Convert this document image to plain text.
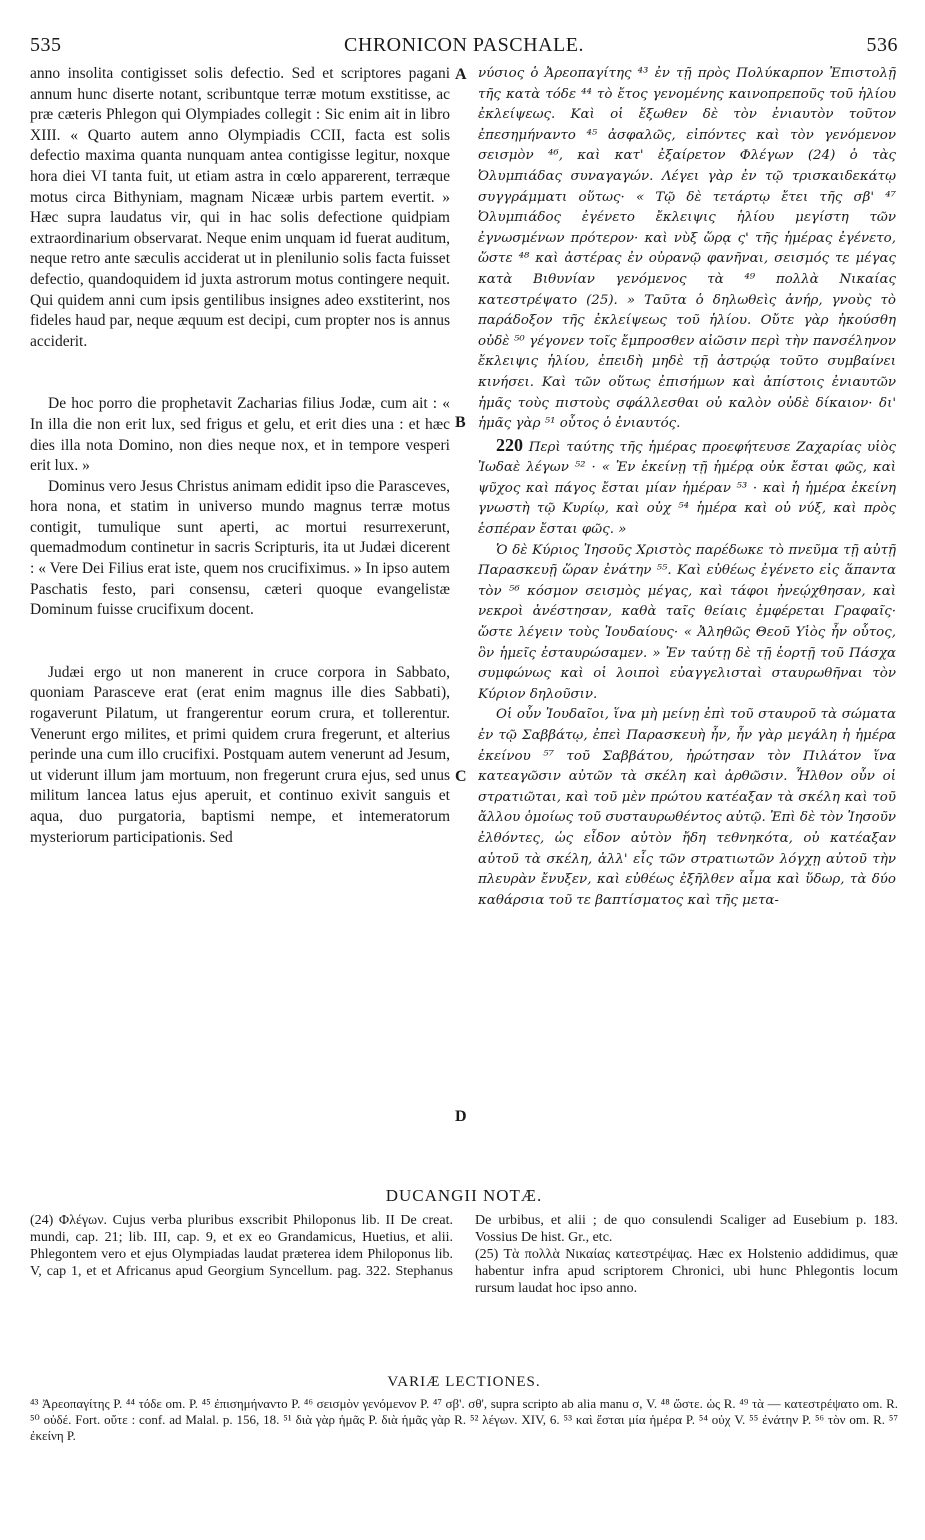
535	CHRONICON PASCHALE.	536

anno insolita contigisset solis defectio. Sed et scriptores pagani annum hunc diserte notant, scribuntque terræ motum exstitisse, ac præ cæteris Phlegon qui Olympiades collegit : Sic enim ait in libro XIII. « Quarto autem anno Olympiadis CCII, facta est solis defectio maxima quanta nunquam antea contigisse legitur, noxque hora diei VI tanta fuit, ut etiam astra in cœlo apparerent, terræque motus circa Bithyniam, magnam Nicææ urbis partem evertit. » Hæc supra laudatus vir, qui in hac solis defectione quidpiam extraordinarium observarat. Neque enim unquam id fuerat auditum, neque retro ante sæculis acciderat ut in plenilunio solis facta fuisset defectio, quandoquidem id juxta astrorum motus contingere nequit. Qui quidem anni cum ipsis gentilibus insignes adeo exstiterint, nos fideles haud par, neque æquum est decipi, cum propter nos is annus acciderit.

De hoc porro die prophetavit Zacharias filius Jodæ, cum ait : « In illa die non erit lux, sed frigus et gelu, et erit dies una : et hæc dies illa nota Domino, non dies neque nox, et in tempore vesperi erit lux. »

Dominus vero Jesus Christus animam edidit ipso die Parasceves, hora nona, et statim in universo mundo magnus terræ motus contigit, tumulique sunt aperti, ac mortui resurrexerunt, quemadmodum continetur in sacris Scripturis, ita ut Judæi dicerent : « Vere Dei Filius erat iste, quem nos crucifiximus. » In ipso autem Paschatis festo, pari consensu, cæteri quoque evangelistæ Dominum fuisse crucifixum docent.

Judæi ergo ut non manerent in cruce corpora in Sabbato, quoniam Parasceve erat (erat enim magnus ille dies Sabbati), rogaverunt Pilatum, ut frangerentur eorum crura, et tollerentur. Venerunt ergo milites, et primi quidem crura fregerunt, et alterius perinde una cum illo crucifixi. Postquam autem venerunt ad Jesum, ut viderunt illum jam mortuum, non fregerunt crura ejus, sed unus militum lancea latus ejus aperuit, et continuo exivit sanguis et aqua, duo purgatoria, baptismi nempe, et intemeratorum mysteriorum participationis. Sed

A
B
C
D

νύσιος ὁ Ἀρεοπαγίτης ⁴³ ἐν τῇ πρὸς Πολύκαρπον Ἐπιστολῇ τῆς κατὰ τόδε ⁴⁴ τὸ ἔτος γενομένης καινοπρεποῦς τοῦ ἡλίου ἐκλείψεως. Καὶ οἱ ἔξωθεν δὲ τὸν ἐνιαυτὸν τοῦτον ἐπεσημήναντο ⁴⁵ ἀσφαλῶς, εἰπόντες καὶ τὸν γενόμενον σεισμὸν ⁴⁶, καὶ κατ' ἐξαίρετον Φλέγων (24) ὁ τὰς Ὀλυμπιάδας συναγαγών. Λέγει γὰρ ἐν τῷ τρισκαιδεκάτῳ συγγράμματι οὕτως· « Τῷ δὲ τετάρτῳ ἔτει τῆς σβ' ⁴⁷ Ὀλυμπιάδος ἐγένετο ἔκλειψις ἡλίου μεγίστη τῶν ἐγνωσμένων πρότερον· καὶ νὺξ ὥρᾳ ς' τῆς ἡμέρας ἐγένετο, ὥστε ⁴⁸ καὶ ἀστέρας ἐν οὐρανῷ φανῆναι, σεισμός τε μέγας κατὰ Βιθυνίαν γενόμενος τὰ ⁴⁹ πολλὰ Νικαίας κατεστρέψατο (25). » Ταῦτα ὁ δηλωθεὶς ἀνήρ, γνοὺς τὸ παράδοξον τῆς ἐκλείψεως τοῦ ἡλίου. Οὔτε γὰρ ἠκούσθη οὐδὲ ⁵⁰ γέγονεν τοῖς ἔμπροσθεν αἰῶσιν περὶ τὴν πανσέληνον ἔκλειψις ἡλίου, ἐπειδὴ μηδὲ τῇ ἀστρῴᾳ τοῦτο συμβαίνει κινήσει. Καὶ τῶν οὕτως ἐπισήμων καὶ ἀπίστοις ἐνιαυτῶν ἡμᾶς τοὺς πιστοὺς σφάλλεσθαι οὐ καλὸν οὐδὲ δίκαιον· δι' ἡμᾶς γὰρ ⁵¹ οὗτος ὁ ἐνιαυτός.

220 Περὶ ταύτης τῆς ἡμέρας προεφήτευσε Ζαχαρίας υἱὸς Ἰωδαὲ λέγων ⁵² · « Ἐν ἐκείνῃ τῇ ἡμέρᾳ οὐκ ἔσται φῶς, καὶ ψῦχος καὶ πάγος ἔσται μίαν ἡμέραν ⁵³ · καὶ ἡ ἡμέρα ἐκείνη γνωστὴ τῷ Κυρίῳ, καὶ οὐχ ⁵⁴ ἡμέρα καὶ οὐ νύξ, καὶ πρὸς ἑσπέραν ἔσται φῶς. »

Ὁ δὲ Κύριος Ἰησοῦς Χριστὸς παρέδωκε τὸ πνεῦμα τῇ αὐτῇ Παρασκευῇ ὥραν ἐνάτην ⁵⁵. Καὶ εὐθέως ἐγένετο εἰς ἅπαντα τὸν ⁵⁶ κόσμον σεισμὸς μέγας, καὶ τάφοι ἠνεῴχθησαν, καὶ νεκροὶ ἀνέστησαν, καθὰ ταῖς θείαις ἐμφέρεται Γραφαῖς· ὥστε λέγειν τοὺς Ἰουδαίους· « Ἀληθῶς Θεοῦ Υἱὸς ἦν οὗτος, ὃν ἡμεῖς ἐσταυρώσαμεν. » Ἐν ταύτῃ δὲ τῇ ἑορτῇ τοῦ Πάσχα συμφώνως καὶ οἱ λοιποὶ εὐαγγελισταὶ σταυρωθῆναι τὸν Κύριον δηλοῦσιν.

Οἱ οὖν Ἰουδαῖοι, ἵνα μὴ μείνῃ ἐπὶ τοῦ σταυροῦ τὰ σώματα ἐν τῷ Σαββάτῳ, ἐπεὶ Παρασκευὴ ἦν, ἦν γὰρ μεγάλη ἡ ἡμέρα ἐκείνου ⁵⁷ τοῦ Σαββάτου, ἠρώτησαν τὸν Πιλάτον ἵνα κατεαγῶσιν αὐτῶν τὰ σκέλη καὶ ἀρθῶσιν. Ἦλθον οὖν οἱ στρατιῶται, καὶ τοῦ μὲν πρώτου κατέαξαν τὰ σκέλη καὶ τοῦ ἄλλου ὁμοίως τοῦ συσταυρωθέντος αὐτῷ. Ἐπὶ δὲ τὸν Ἰησοῦν ἐλθόντες, ὡς εἶδον αὐτὸν ἤδη τεθνηκότα, οὐ κατέαξαν αὐτοῦ τὰ σκέλη, ἀλλ' εἷς τῶν στρατιωτῶν λόγχῃ αὐτοῦ τὴν πλευρὰν ἔνυξεν, καὶ εὐθέως ἐξῆλθεν αἷμα καὶ ὕδωρ, τὰ δύο καθάρσια τοῦ τε βαπτίσματος καὶ τῆς μετα-

DUCANGII NOTÆ.

(24) Φλέγων. Cujus verba pluribus exscribit Philoponus lib. II De creat. mundi, cap. 21; lib. III, cap. 9, et ex eo Grandamicus, Huetius, et alii. Phlegontem vero et ejus Olympiadas laudat præterea idem Philoponus lib. V, cap 1, et et Africanus apud Georgium Syncellum. pag. 322. Stephanus De urbibus, et alii ; de quo consulendi Scaliger ad Eusebium p. 183. Vossius De hist. Gr., etc.

(25) Τὰ πολλὰ Νικαίας κατεστρέψας. Hæc ex Holstenio addidimus, quæ habentur infra apud scriptorem Chronici, ubi hunc Phlegontis locum rursum laudat hoc ipso anno.

VARIÆ LECTIONES.

⁴³ Ἀρεοπαγίτης P. ⁴⁴ τόδε om. P. ⁴⁵ ἐπισημήναντο P. ⁴⁶ σεισμὸν γενόμενον P. ⁴⁷ σβ'. σθ', supra scripto ab alia manu σ, V. ⁴⁸ ὥστε. ὡς R. ⁴⁹ τὰ — κατεστρέψατο om. R. ⁵⁰ οὐδέ. Fort. οὔτε : conf. ad Malal. p. 156, 18. ⁵¹ διὰ γὰρ ἡμᾶς P. διὰ ἡμᾶς γὰρ R. ⁵² λέγων. XIV, 6. ⁵³ καὶ ἔσται μία ἡμέρα P. ⁵⁴ οὐχ V. ⁵⁵ ἐνάτην P. ⁵⁶ τὸν om. R. ⁵⁷ ἐκείνη P.
